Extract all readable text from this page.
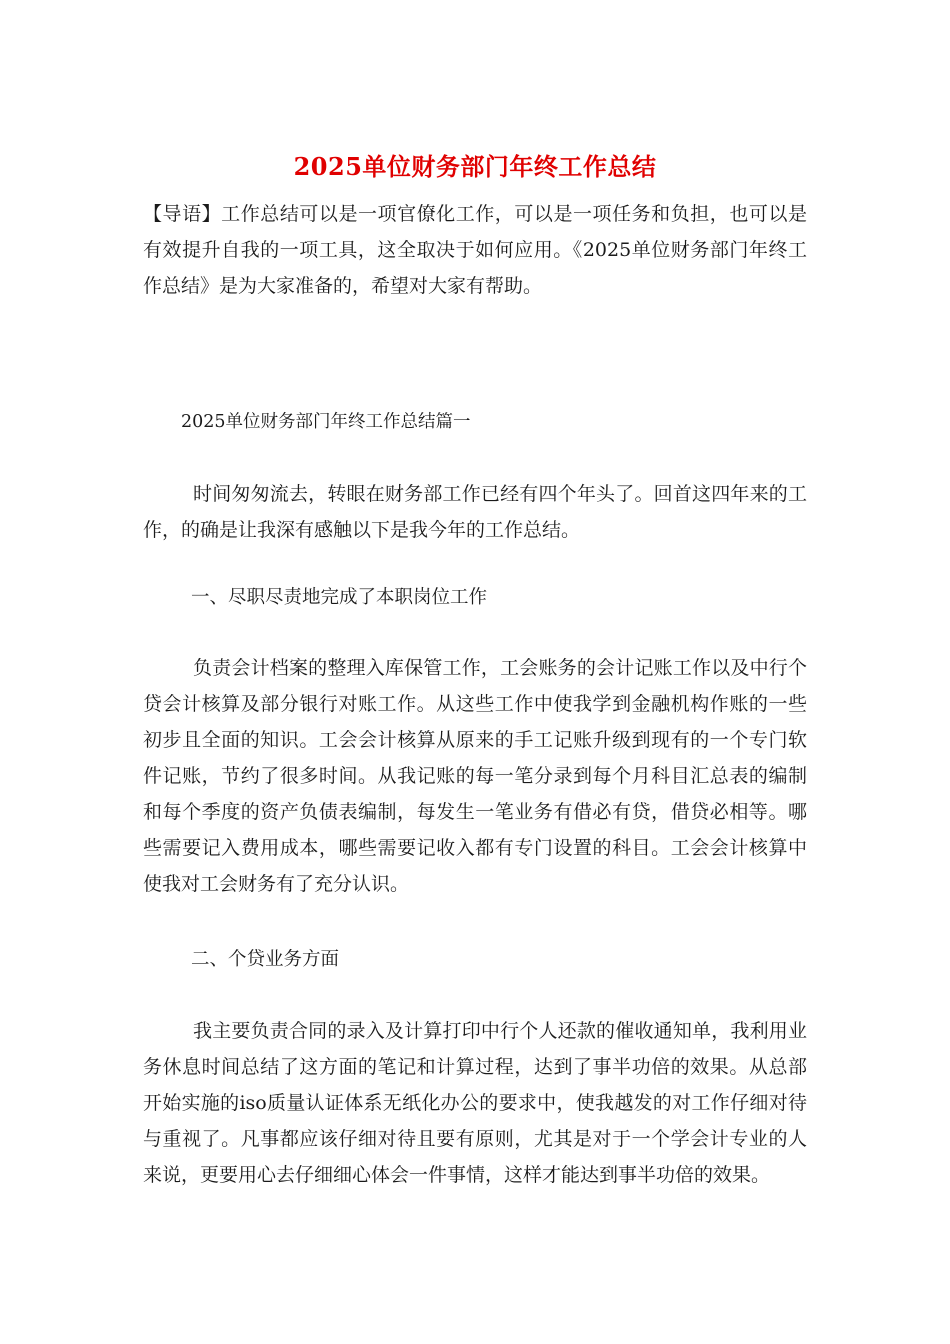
2025单位财务部门年终工作总结
【导语】工作总结可以是一项官僚化工作，可以是一项任务和负担，也可以是有效提升自我的一项工具，这全取决于如何应用。《2025单位财务部门年终工作总结》是为大家准备的，希望对大家有帮助。
2025单位财务部门年终工作总结篇一
时间匆匆流去，转眼在财务部工作已经有四个年头了。回首这四年来的工作，的确是让我深有感触以下是我今年的工作总结。
一、尽职尽责地完成了本职岗位工作
负责会计档案的整理入库保管工作，工会账务的会计记账工作以及中行个贷会计核算及部分银行对账工作。从这些工作中使我学到金融机构作账的一些初步且全面的知识。工会会计核算从原来的手工记账升级到现有的一个专门软件记账，节约了很多时间。从我记账的每一笔分录到每个月科目汇总表的编制和每个季度的资产负债表编制，每发生一笔业务有借必有贷，借贷必相等。哪些需要记入费用成本，哪些需要记收入都有专门设置的科目。工会会计核算中使我对工会财务有了充分认识。
二、个贷业务方面
我主要负责合同的录入及计算打印中行个人还款的催收通知单，我利用业务休息时间总结了这方面的笔记和计算过程，达到了事半功倍的效果。从总部开始实施的iso质量认证体系无纸化办公的要求中，使我越发的对工作仔细对待与重视了。凡事都应该仔细对待且要有原则，尤其是对于一个学会计专业的人来说，更要用心去仔细细心体会一件事情，这样才能达到事半功倍的效果。
